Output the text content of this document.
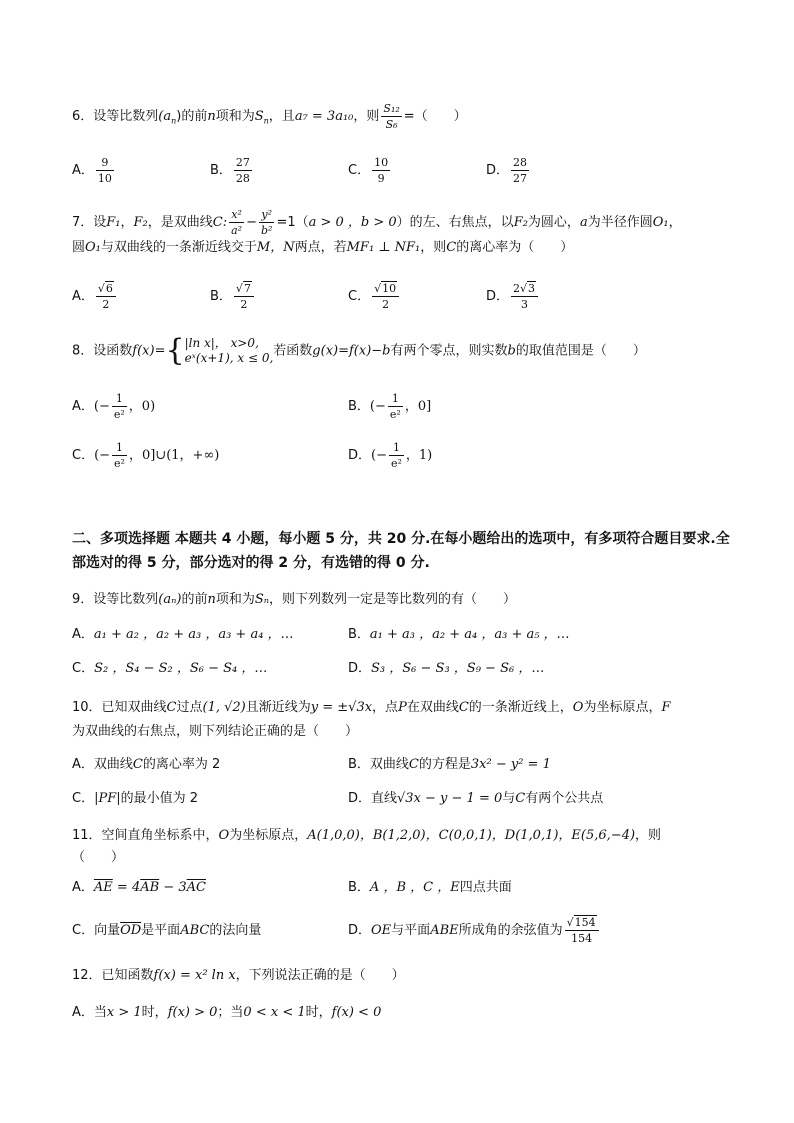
6．设等比数列$(a_n)$的前n项和为$S_n$，且a₇ = 3a₁₀，则 $\frac{\text{S₁₂}}{\text{S₆}}$ =（　　）
A． $\frac{9}{10}$	B． $\frac{27}{28}$	C． $\frac{10}{9}$	D． $\frac{28}{27}$
7．设F₁，F₂，是双曲线C: $\frac{\text{x²}}{\text{a²}} - \frac{\text{y²}}{\text{b²}} =1(a > 0$ ，b > 0）的左、右焦点，以F₂为圆心，a为半径作圆O₁，
圆O₁与双曲线的一条渐近线交于M，N两点，若MF₁ ⊥ NF₁，则C的离心率为（　　）
A． $\frac{√6}{2}$	B． $\frac{√7}{2}$	C． $\frac{√10}{2}$	D． $\frac{2√3}{3}$
8．设函数f(x)={ |ln x|， x>0,
eˣ(x+1), x ≤ 0, 若函数g(x)=f(x)−b有两个零点，则实数b的取值范围是（　　）
A．(− $\frac{1}{\text{e²}}$ ，0)	B．(− $\frac{1}{\text{e²}}$ ，0]
C．(− $\frac{1}{\text{e²}}$ ，0]∪(1，+∞)	D．(− $\frac{1}{\text{e²}}$ ，1)
二、多项选择题 本题共 4 小题，每小题 5 分，共 20 分.在每小题给出的选项中，有多项符合题目要求.全部选对的得 5 分，部分选对的得 2 分，有选错的得 0 分.
9．设等比数列(aₙ)的前n项和为Sₙ，则下列数列一定是等比数列的有（　　）
A．a₁ + a₂ ，a₂ + a₃ ，a₃ + a₄ ，…	B．a₁ + a₃ ，a₂ + a₄ ，a₃ + a₅ ，…
C．S₂ ，S₄ − S₂ ，S₆ − S₄ ，…	D．S₃ ，S₆ − S₃ ，S₉ − S₆ ，…
10．已知双曲线C过点(1, √2)且渐近线为y = ±√3x，点P在双曲线C的一条渐近线上，O为坐标原点，F
为双曲线的右焦点，则下列结论正确的是（　　）
A．双曲线C的离心率为 2	B．双曲线C的方程是3x² − y² = 1
C．|PF|的最小值为 2	D．直线√3x − y − 1 = 0与C有两个公共点
11．空间直角坐标系中，O为坐标原点，A(1,0,0)，B(1,2,0)，C(0,0,1)，D(1,0,1)，E(5,6,−4)，则
（　　）
A．$\overline{AE} = 4\overline{AB} - 3\overline{AC}$	B．A ，B ，C ，E四点共面
C．向量$\overline{OD}$是平面ABC的法向量	D．OE与平面ABE所成角的余弦值为 $\frac{√154}{154}$
12．已知函数f(x) = x² ln x，下列说法正确的是（　　）
A．当x > 1时，f(x) > 0；当0 < x < 1时，f(x) < 0
